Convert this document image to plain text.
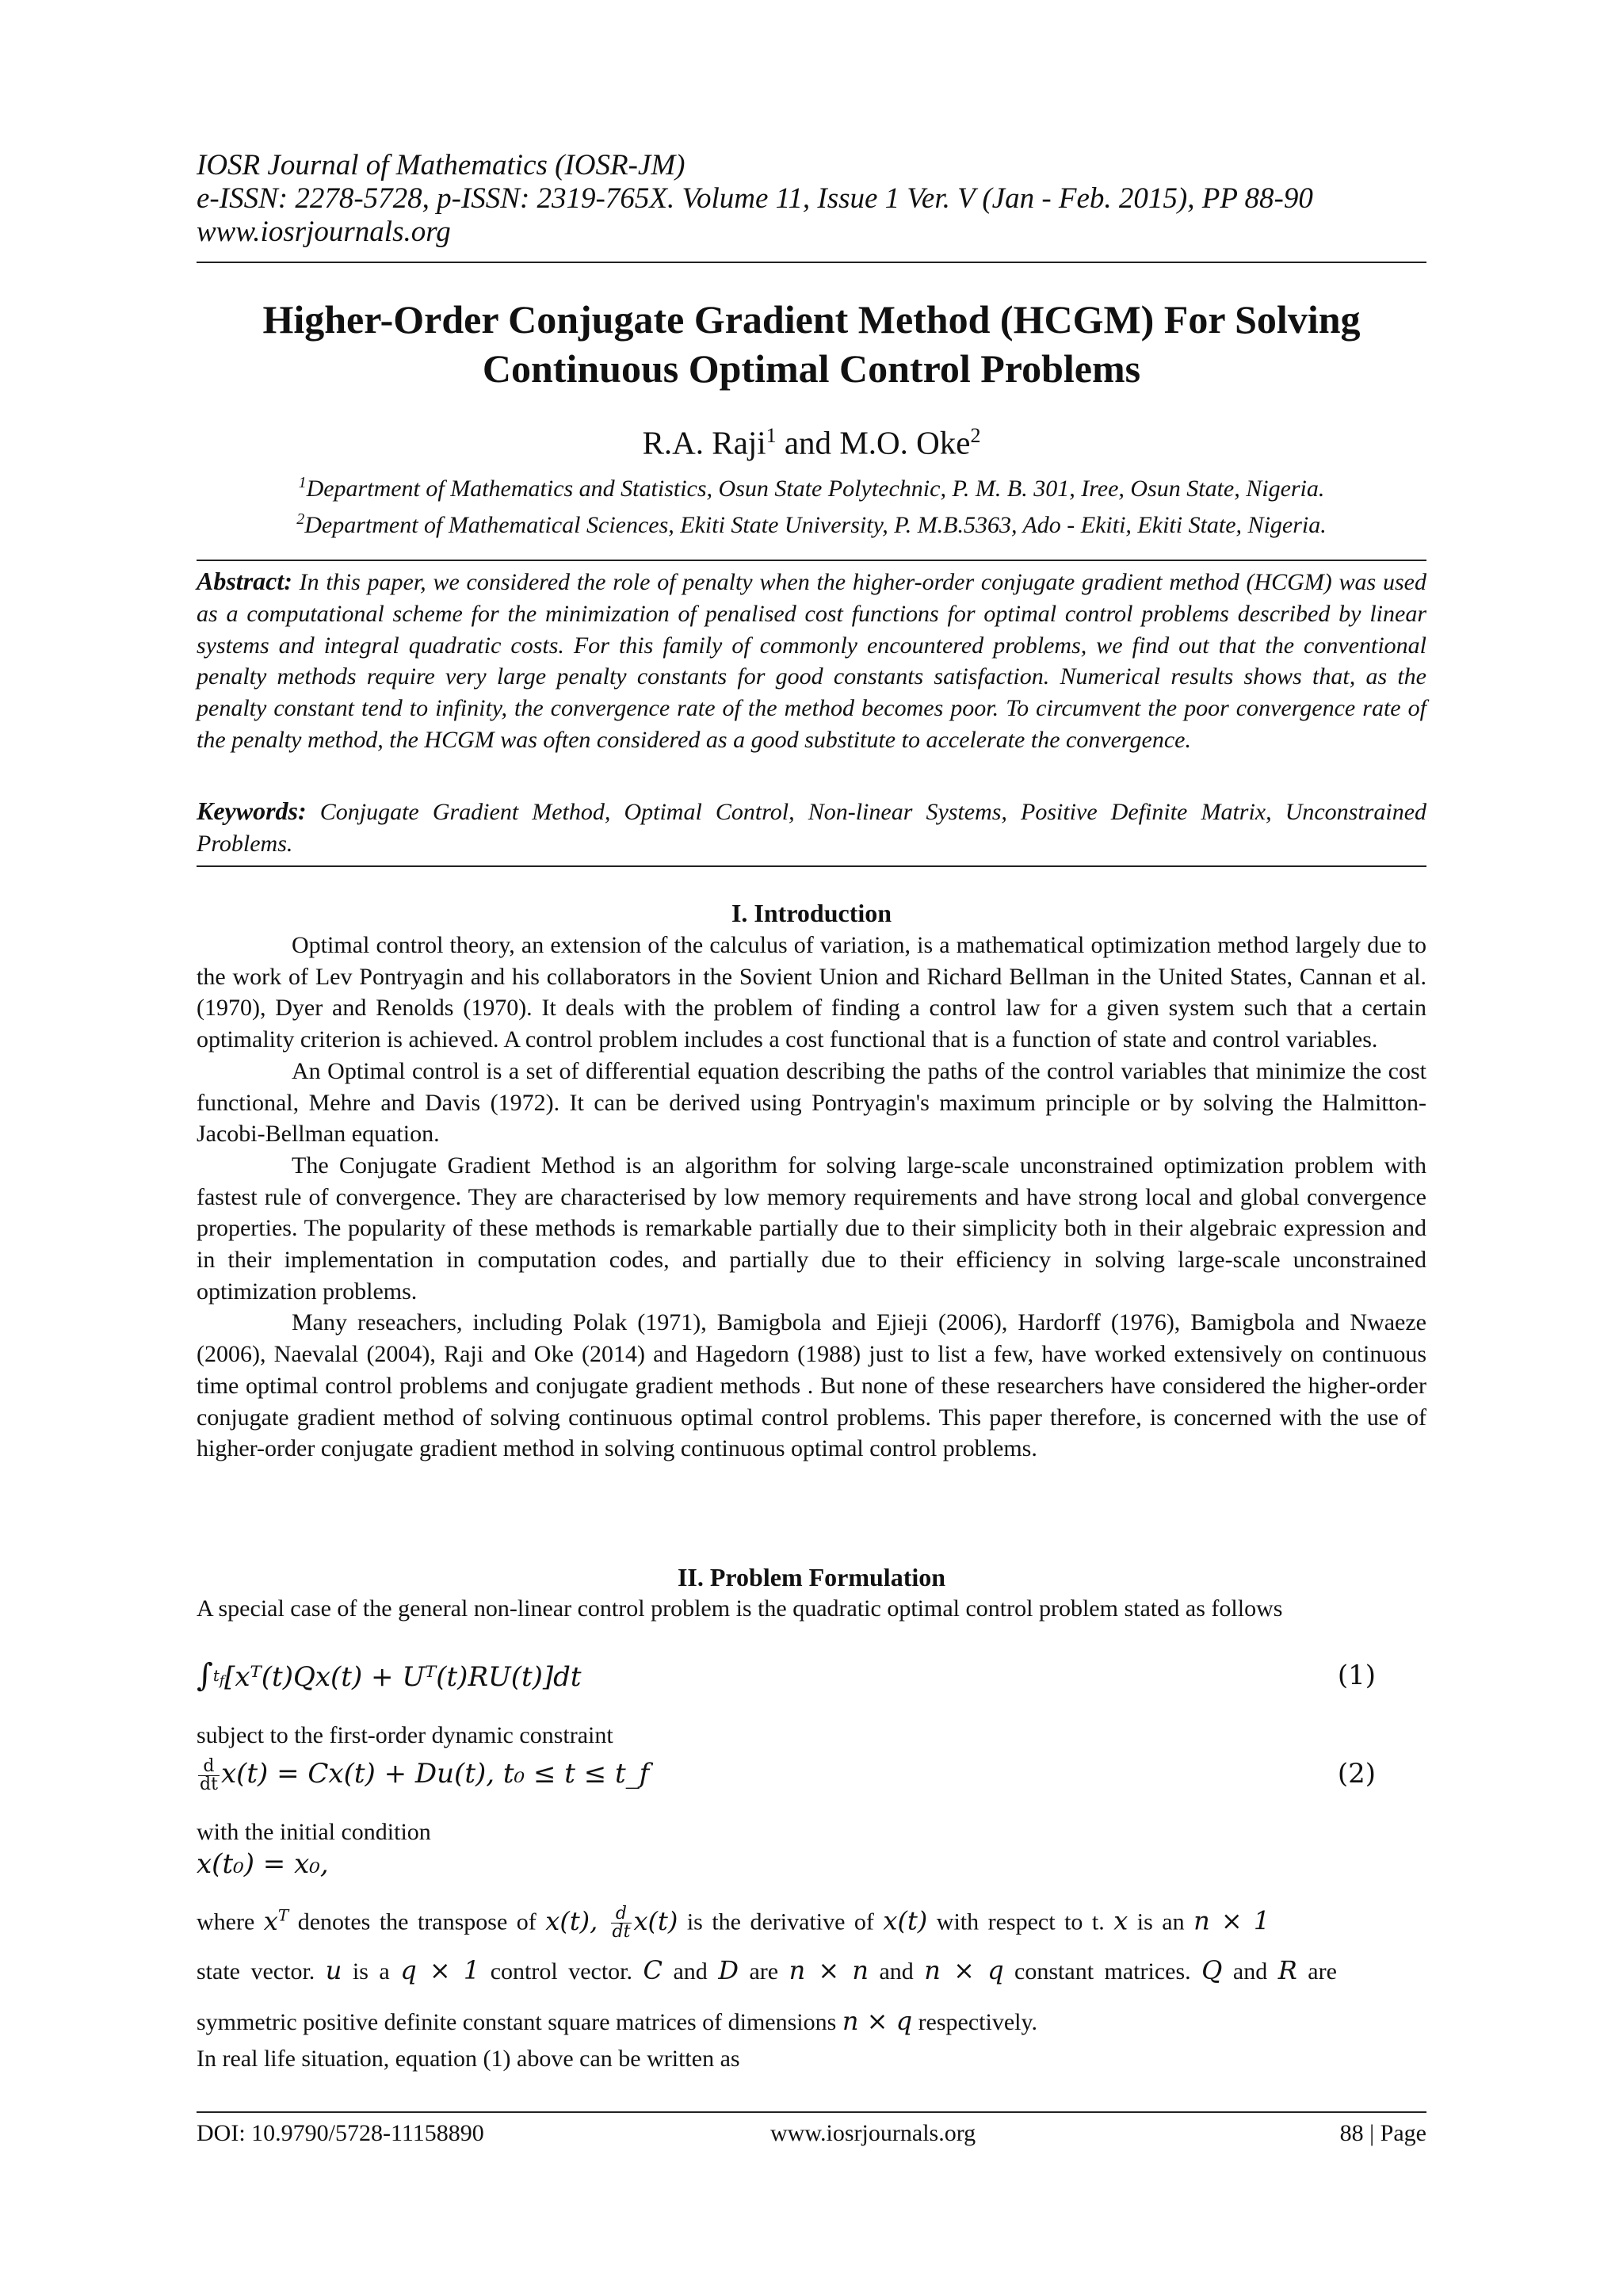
IOSR Journal of Mathematics (IOSR-JM)
e-ISSN: 2278-5728, p-ISSN: 2319-765X. Volume 11, Issue 1 Ver. V (Jan - Feb. 2015), PP 88-90
www.iosrjournals.org
Higher-Order Conjugate Gradient Method (HCGM) For Solving
Continuous Optimal Control Problems
R.A. Raji$^1$ and M.O. Oke$^2$
$^1$Department of Mathematics and Statistics, Osun State Polytechnic, P. M. B. 301, Iree, Osun State, Nigeria.
$^2$Department of Mathematical Sciences, Ekiti State University, P. M.B.5363, Ado - Ekiti, Ekiti State, Nigeria.
Abstract: In this paper, we considered the role of penalty when the higher-order conjugate gradient method (HCGM) was used as a computational scheme for the minimization of penalised cost functions for optimal control problems described by linear systems and integral quadratic costs. For this family of commonly encountered problems, we find out that the conventional penalty methods require very large penalty constants for good constants satisfaction. Numerical results shows that, as the penalty constant tend to infinity, the convergence rate of the method becomes poor. To circumvent the poor convergence rate of the penalty method, the HCGM was often considered as a good substitute to accelerate the convergence.
Keywords: Conjugate Gradient Method, Optimal Control, Non-linear Systems, Positive Definite Matrix, Unconstrained Problems.
I. Introduction

Optimal control theory, an extension of the calculus of variation, is a mathematical optimization method largely due to the work of Lev Pontryagin and his collaborators in the Sovient Union and Richard Bellman in the United States, Cannan et al. (1970), Dyer and Renolds (1970). It deals with the problem of finding a control law for a given system such that a certain optimality criterion is achieved. A control problem includes a cost functional that is a function of state and control variables.

An Optimal control is a set of differential equation describing the paths of the control variables that minimize the cost functional, Mehre and Davis (1972). It can be derived using Pontryagin's maximum principle or by solving the Halmitton-Jacobi-Bellman equation.

The Conjugate Gradient Method is an algorithm for solving large-scale unconstrained optimization problem with fastest rule of convergence. They are characterised by low memory requirements and have strong local and global convergence properties. The popularity of these methods is remarkable partially due to their simplicity both in their algebraic expression and in their implementation in computation codes, and partially due to their efficiency in solving large-scale unconstrained optimization problems.

Many reseachers, including Polak (1971), Bamigbola and Ejieji (2006), Hardorff (1976), Bamigbola and Nwaeze (2006), Naevalal (2004), Raji and Oke (2014) and Hagedorn (1988) just to list a few, have worked extensively on continuous time optimal control problems and conjugate gradient methods . But none of these researchers have considered the higher-order conjugate gradient method of solving continuous optimal control problems. This paper therefore, is concerned with the use of higher-order conjugate gradient method in solving continuous optimal control problems.

II. Problem Formulation
A special case of the general non-linear control problem is the quadratic optimal control problem stated as follows
∫$^{t_f}$[xᵀ(t)Qx(t) + Uᵀ(t)RU(t)]dt	(1)
subject to the first-order dynamic constraint
$\frac{d}{dt} x(t) = Cx(t) + Du(t)$, t₀ ≤ t ≤ t_f	(2)
with the initial condition
x(t₀) = x₀,
where $x^T$ denotes the transpose of x(t), $\frac{d}{dt} x(t)$ is the derivative of x(t) with respect to t. x is an n × 1
state vector. u is a q × 1 control vector. C and D are n × n and n × q constant matrices. Q and R are
symmetric positive definite constant square matrices of dimensions n × q respectively.
In real life situation, equation (1) above can be written as
DOI: 10.9790/5728-11158890	www.iosrjournals.org	88 | Page
